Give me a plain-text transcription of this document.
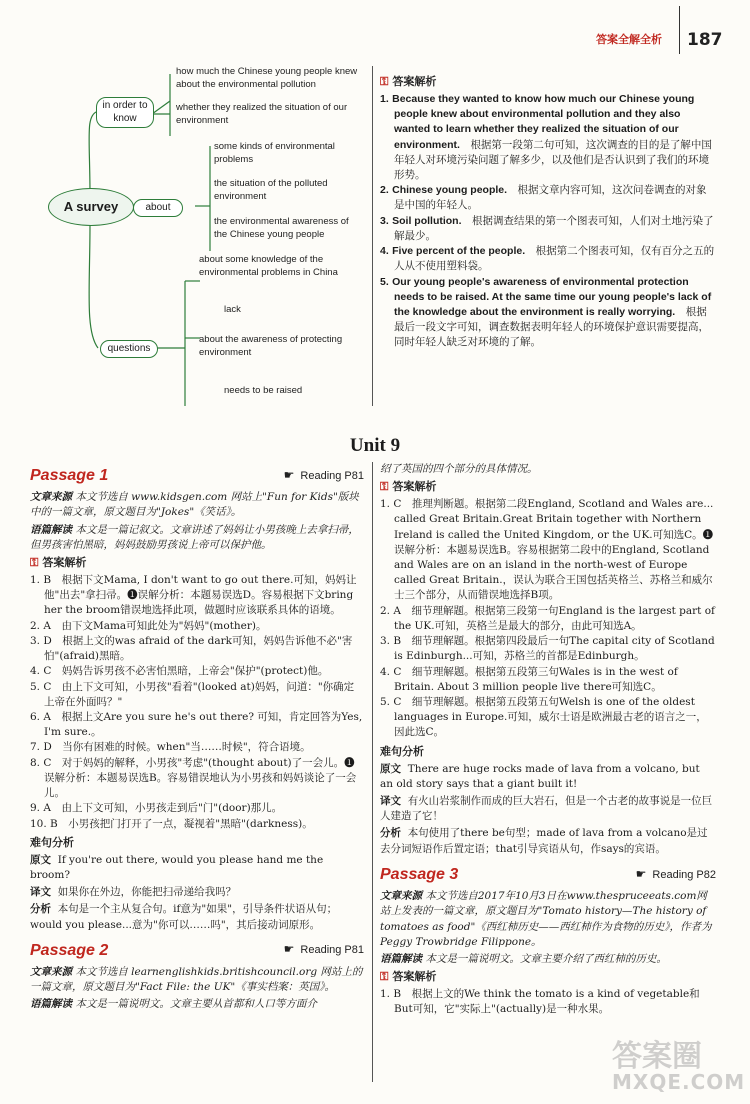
答案全解全析 187
A survey
in order to know
how much the Chinese young people knew about the environmental pollution
whether they realized the situation of our environment
about
some kinds of environmental problems
the situation of the polluted environment
the environmental awareness of the Chinese young people
questions
about some knowledge of the environmental problems in China
lack
about the awareness of protecting environment
needs to be raised
⚿ 答案解析

1. Because they wanted to know how much our Chinese young people knew about environmental pollution and they also wanted to learn whether they realized the situation of our environment.　 根据第一段第二句可知，这次调查的目的是了解中国年轻人对环境污染问题了解多少，以及他们是否认识到了我们的环境形势。

2. Chinese young people.　 根据文章内容可知，这次问卷调查的对象是中国的年轻人。

3. Soil pollution.　 根据调查结果的第一个图表可知，人们对土地污染了解最少。

4. Five percent of the people.　 根据第二个图表可知，仅有百分之五的人从不使用塑料袋。

5. Our young people's awareness of environmental protection needs to be raised. At the same time our young people's lack of the knowledge about the environment is really worrying.　 根据最后一段文字可知，调查数据表明年轻人的环境保护意识需要提高，同时年轻人缺乏对环境的了解。

Unit 9
Passage 1	☛ Reading P81

文章来源 本文节选自 www.kidsgen.com 网站上"Fun for Kids"版块中的一篇文章，原文题目为"Jokes"《笑话》。

语篇解读 本文是一篇记叙文。文章讲述了妈妈让小男孩晚上去拿扫帚，但男孩害怕黑暗，妈妈鼓励男孩说上帝可以保护他。

⚿ 答案解析

1. B　根据下文Mama, I don't want to go out there.可知，妈妈让他"出去"拿扫帚。❶误解分析：本题易误选D。容易根据下文bring her the broom错误地选择此项，做题时应该联系具体的语境。

2. A　由下文Mama可知此处为"妈妈"(mother)。

3. D　根据上文的was afraid of the dark可知，妈妈告诉他不必"害怕"(afraid)黑暗。

4. C　妈妈告诉男孩不必害怕黑暗，上帝会"保护"(protect)他。

5. C　由上下文可知，小男孩"看着"(looked at)妈妈，问道："你确定上帝在外面吗？"

6. A　根据上文Are you sure he's out there? 可知，肯定回答为Yes, I'm sure.。

7. D　当你有困难的时候。when"当……时候"，符合语境。

8. C　对于妈妈的解释，小男孩"考虑"(thought about)了一会儿。❶误解分析：本题易误选B。容易错误地认为小男孩和妈妈谈论了一会儿。

9. A　由上下文可知，小男孩走到后"门"(door)那儿。

10. B　小男孩把门打开了一点，凝视着"黑暗"(darkness)。

难句分析

原文 If you're out there, would you please hand me the broom?

译文 如果你在外边，你能把扫帚递给我吗？

分析 本句是一个主从复合句。if意为"如果"，引导条件状语从句；would you please...意为"你可以……吗"，其后接动词原形。

Passage 2	☛ Reading P81

文章来源 本文节选自 learnenglishkids.britishcouncil.org 网站上的一篇文章，原文题目为"Fact File: the UK"《事实档案：英国》。

语篇解读 本文是一篇说明文。文章主要从首都和人口等方面介

绍了英国的四个部分的具体情况。

⚿ 答案解析

1. C　推理判断题。根据第二段England, Scotland and Wales are... called Great Britain.Great Britain together with Northern Ireland is called the United Kingdom, or the UK.可知选C。❶误解分析：本题易误选B。容易根据第二段中的England, Scotland and Wales are on an island in the north-west of Europe called Great Britain.，误认为联合王国包括英格兰、苏格兰和威尔士三个部分，从而错误地选择B项。

2. A　细节理解题。根据第三段第一句England is the largest part of the UK.可知，英格兰是最大的部分，由此可知选A。

3. B　细节理解题。根据第四段最后一句The capital city of Scotland is Edinburgh...可知，苏格兰的首都是Edinburgh。

4. C　细节理解题。根据第五段第三句Wales is in the west of Britain. About 3 million people live there可知选C。

5. C　细节理解题。根据第五段第五句Welsh is one of the oldest languages in Europe.可知，威尔士语是欧洲最古老的语言之一，因此选C。

难句分析

原文 There are huge rocks made of lava from a volcano, but an old story says that a giant built it!

译文 有火山岩浆制作而成的巨大岩石，但是一个古老的故事说是一位巨人建造了它！

分析 本句使用了there be句型；made of lava from a volcano是过去分词短语作后置定语；that引导宾语从句，作says的宾语。

Passage 3	☛ Reading P82

文章来源 本文节选自2017年10月3日在www.thespruceeats.com网站上发表的一篇文章，原文题目为"Tomato history—The history of tomatoes as food"《西红柿历史——西红柿作为食物的历史》，作者为Peggy Trowbridge Filippone。

语篇解读 本文是一篇说明文。文章主要介绍了西红柿的历史。

⚿ 答案解析

1. B　根据上文的We think the tomato is a kind of vegetable和But可知，它"实际上"(actually)是一种水果。

答案圈
MXQE.COM
